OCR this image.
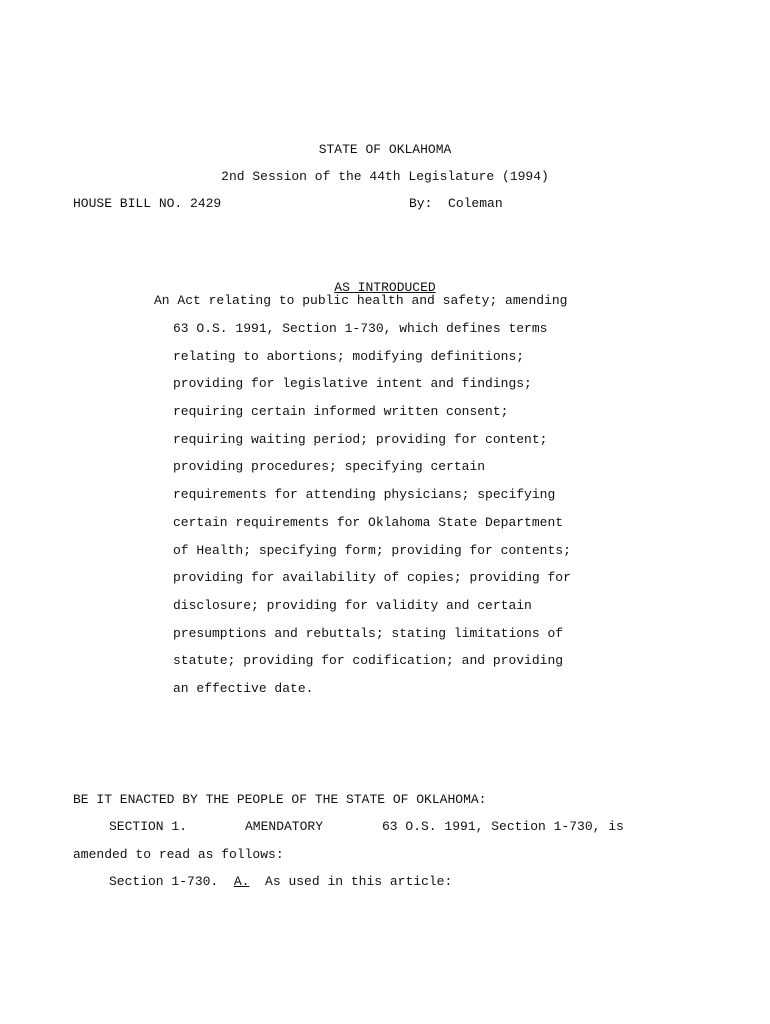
STATE OF OKLAHOMA
2nd Session of the 44th Legislature (1994)
HOUSE BILL NO. 2429	By: Coleman
AS INTRODUCED
An Act relating to public health and safety; amending
63 O.S. 1991, Section 1-730, which defines terms
relating to abortions; modifying definitions;
providing for legislative intent and findings;
requiring certain informed written consent;
requiring waiting period; providing for content;
providing procedures; specifying certain
requirements for attending physicians; specifying
certain requirements for Oklahoma State Department
of Health; specifying form; providing for contents;
providing for availability of copies; providing for
disclosure; providing for validity and certain
presumptions and rebuttals; stating limitations of
statute; providing for codification; and providing
an effective date.
BE IT ENACTED BY THE PEOPLE OF THE STATE OF OKLAHOMA:
SECTION 1.	AMENDATORY	63 O.S. 1991, Section 1-730, is
amended to read as follows:
Section 1-730. A. As used in this article:
